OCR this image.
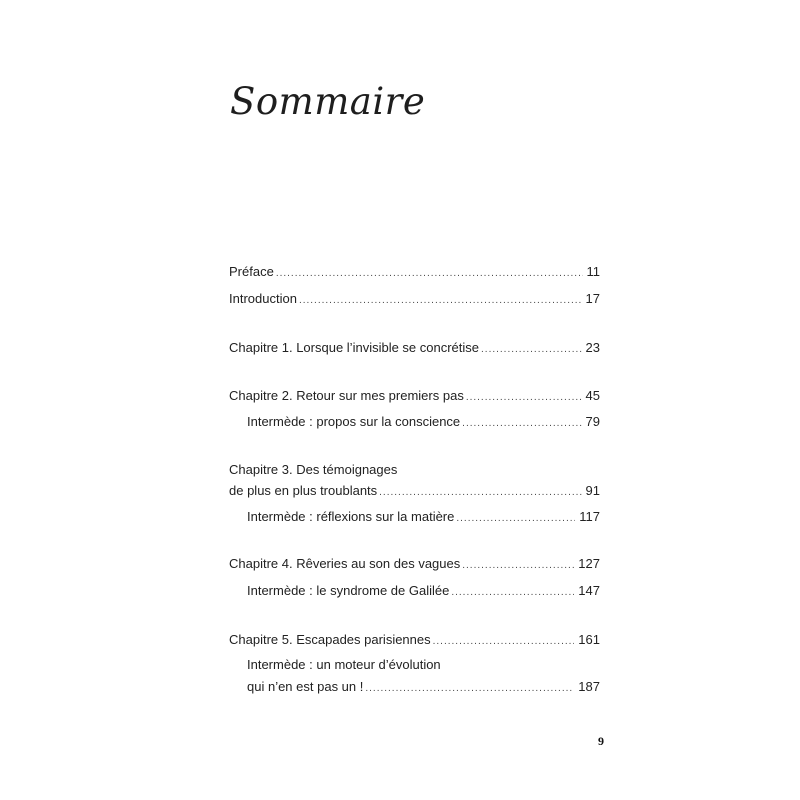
Sommaire
Préface .....	11
Introduction .....	17
Chapitre 1. Lorsque l’invisible se concrétise .....	23
Chapitre 2. Retour sur mes premiers pas .....	45
Intermède : propos sur la conscience .....	79
Chapitre 3. Des témoignages
de plus en plus troublants .....	91
Intermède : réflexions sur la matière .....	117
Chapitre 4. Rêveries au son des vagues .....	127
Intermède : le syndrome de Galilée .....	147
Chapitre 5. Escapades parisiennes .....	161
Intermède : un moteur d’évolution
qui n’en est pas un ! .....	187
9
